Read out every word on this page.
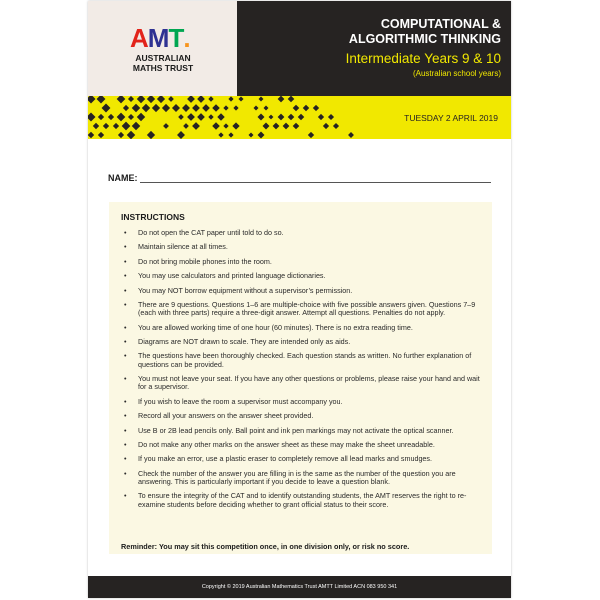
AMT.
AUSTRALIAN
MATHS TRUST
COMPUTATIONAL &
ALGORITHMIC THINKING
Intermediate Years 9 & 10
(Australian school years)
TUESDAY 2 APRIL 2019
NAME:
INSTRUCTIONS
• Do not open the CAT paper until told to do so.
• Maintain silence at all times.
• Do not bring mobile phones into the room.
• You may use calculators and printed language dictionaries.
• You may NOT borrow equipment without a supervisor’s permission.
• There are 9 questions. Questions 1–6 are multiple-choice with five possible answers given. Questions 7–9 (each with three parts) require a three-digit answer. Attempt all questions. Penalties do not apply.
• You are allowed working time of one hour (60 minutes). There is no extra reading time.
• Diagrams are NOT drawn to scale. They are intended only as aids.
• The questions have been thoroughly checked. Each question stands as written. No further explanation of questions can be provided.
• You must not leave your seat. If you have any other questions or problems, please raise your hand and wait for a supervisor.
• If you wish to leave the room a supervisor must accompany you.
• Record all your answers on the answer sheet provided.
• Use B or 2B lead pencils only. Ball point and ink pen markings may not activate the optical scanner.
• Do not make any other marks on the answer sheet as these may make the sheet unreadable.
• If you make an error, use a plastic eraser to completely remove all lead marks and smudges.
• Check the number of the answer you are filling in is the same as the number of the question you are answering. This is particularly important if you decide to leave a question blank.
• To ensure the integrity of the CAT and to identify outstanding students, the AMT reserves the right to re-examine students before deciding whether to grant official status to their score.
Reminder: You may sit this competition once, in one division only, or risk no score.
Copyright © 2019 Australian Mathematics Trust AMTT Limited ACN 083 950 341
